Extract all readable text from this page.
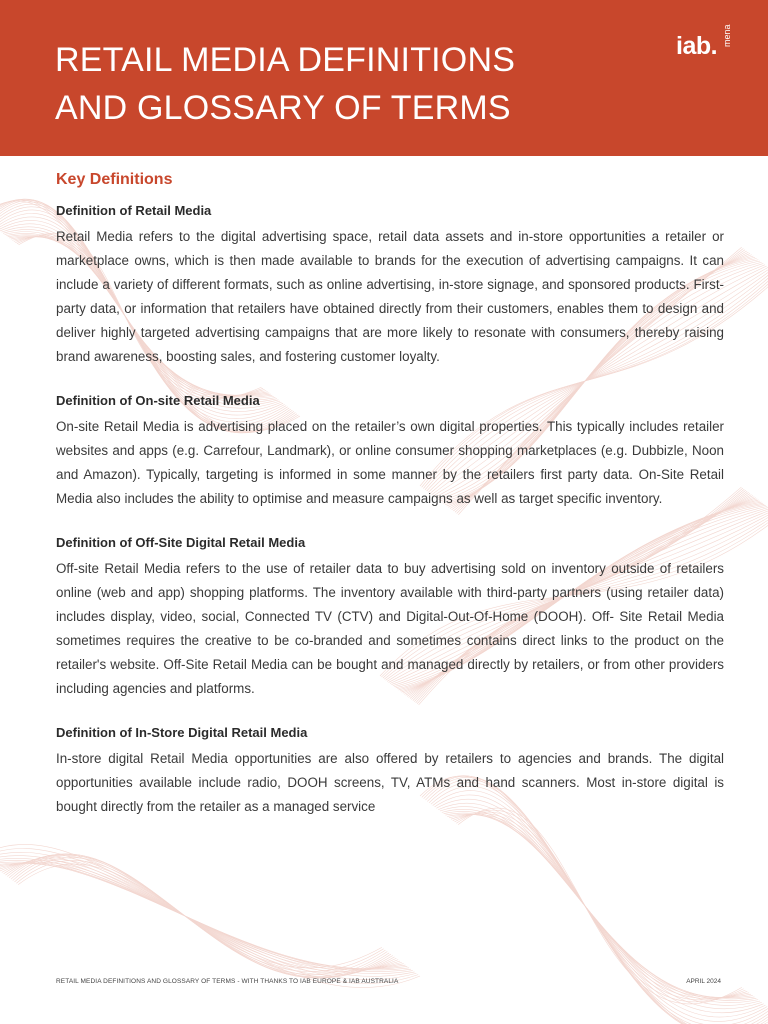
RETAIL MEDIA DEFINITIONS
AND GLOSSARY OF TERMS
iab. mena
Key Definitions
Definition of Retail Media

Retail Media refers to the digital advertising space, retail data assets and in-store opportunities a retailer or marketplace owns, which is then made available to brands for the execution of advertising campaigns. It can include a variety of different formats, such as online advertising, in-store signage, and sponsored products. First-party data, or information that retailers have obtained directly from their customers, enables them to design and deliver highly targeted advertising campaigns that are more likely to resonate with consumers, thereby raising brand awareness, boosting sales, and fostering customer loyalty.

Definition of On-site Retail Media

On-site Retail Media is advertising placed on the retailer’s own digital properties. This typically includes retailer websites and apps (e.g. Carrefour, Landmark), or online consumer shopping marketplaces (e.g. Dubbizle, Noon and Amazon). Typically, targeting is informed in some manner by the retailers first party data. On-Site Retail Media also includes the ability to optimise and measure campaigns as well as target specific inventory.

Definition of Off-Site Digital Retail Media

Off-site Retail Media refers to the use of retailer data to buy advertising sold on inventory outside of retailers online (web and app) shopping platforms. The inventory available with third-party partners (using retailer data) includes display, video, social, Connected TV (CTV) and Digital-Out-Of-Home (DOOH). Off- Site Retail Media sometimes requires the creative to be co-branded and sometimes contains direct links to the product on the retailer's website. Off-Site Retail Media can be bought and managed directly by retailers, or from other providers including agencies and platforms.

Definition of In-Store Digital Retail Media

In-store digital Retail Media opportunities are also offered by retailers to agencies and brands. The digital opportunities available include radio, DOOH screens, TV, ATMs and hand scanners. Most in-store digital is bought directly from the retailer as a managed service

RETAIL MEDIA DEFINITIONS AND GLOSSARY OF TERMS - WITH THANKS TO IAB EUROPE & IAB AUSTRALIA	APRIL 2024
